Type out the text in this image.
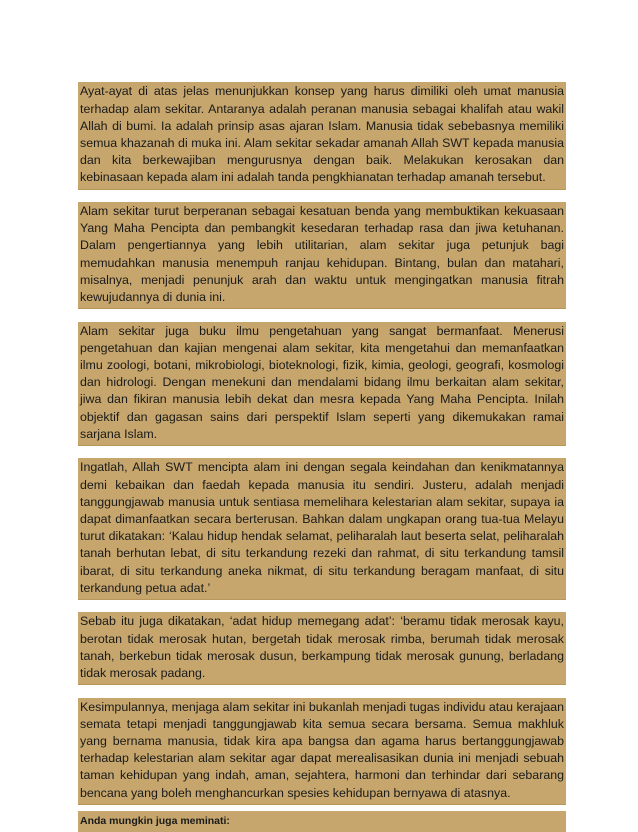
Ayat-ayat di atas jelas menunjukkan konsep yang harus dimiliki oleh umat manusia terhadap alam sekitar. Antaranya adalah peranan manusia sebagai khalifah atau wakil Allah di bumi. Ia adalah prinsip asas ajaran Islam. Manusia tidak sebebasnya memiliki semua khazanah di muka ini. Alam sekitar sekadar amanah Allah SWT kepada manusia dan kita berkewajiban mengurusnya dengan baik. Melakukan kerosakan dan kebinasaan kepada alam ini adalah tanda pengkhianatan terhadap amanah tersebut.

Alam sekitar turut berperanan sebagai kesatuan benda yang membuktikan kekuasaan Yang Maha Pencipta dan pembangkit kesedaran terhadap rasa dan jiwa ketuhanan. Dalam pengertiannya yang lebih utilitarian, alam sekitar juga petunjuk bagi memudahkan manusia menempuh ranjau kehidupan. Bintang, bulan dan matahari, misalnya, menjadi penunjuk arah dan waktu untuk mengingatkan manusia fitrah kewujudannya di dunia ini.

Alam sekitar juga buku ilmu pengetahuan yang sangat bermanfaat. Menerusi pengetahuan dan kajian mengenai alam sekitar, kita mengetahui dan memanfaatkan ilmu zoologi, botani, mikrobiologi, bioteknologi, fizik, kimia, geologi, geografi, kosmologi dan hidrologi. Dengan menekuni dan mendalami bidang ilmu berkaitan alam sekitar, jiwa dan fikiran manusia lebih dekat dan mesra kepada Yang Maha Pencipta. Inilah objektif dan gagasan sains dari perspektif Islam seperti yang dikemukakan ramai sarjana Islam.

Ingatlah, Allah SWT mencipta alam ini dengan segala keindahan dan kenikmatannya demi kebaikan dan faedah kepada manusia itu sendiri. Justeru, adalah menjadi tanggungjawab manusia untuk sentiasa memelihara kelestarian alam sekitar, supaya ia dapat dimanfaatkan secara berterusan. Bahkan dalam ungkapan orang tua-tua Melayu turut dikatakan: ‘Kalau hidup hendak selamat, peliharalah laut beserta selat, peliharalah tanah berhutan lebat, di situ terkandung rezeki dan rahmat, di situ terkandung tamsil ibarat, di situ terkandung aneka nikmat, di situ terkandung beragam manfaat, di situ terkandung petua adat.’

Sebab itu juga dikatakan, ‘adat hidup memegang adat’: ‘beramu tidak merosak kayu, berotan tidak merosak hutan, bergetah tidak merosak rimba, berumah tidak merosak tanah, berkebun tidak merosak dusun, berkampung tidak merosak gunung, berladang tidak merosak padang.

Kesimpulannya, menjaga alam sekitar ini bukanlah menjadi tugas individu atau kerajaan semata tetapi menjadi tanggungjawab kita semua secara bersama. Semua makhluk yang bernama manusia, tidak kira apa bangsa dan agama harus bertanggungjawab terhadap kelestarian alam sekitar agar dapat merealisasikan dunia ini menjadi sebuah taman kehidupan yang indah, aman, sejahtera, harmoni dan terhindar dari sebarang bencana yang boleh menghancurkan spesies kehidupan bernyawa di atasnya.

Anda mungkin juga meminati:
